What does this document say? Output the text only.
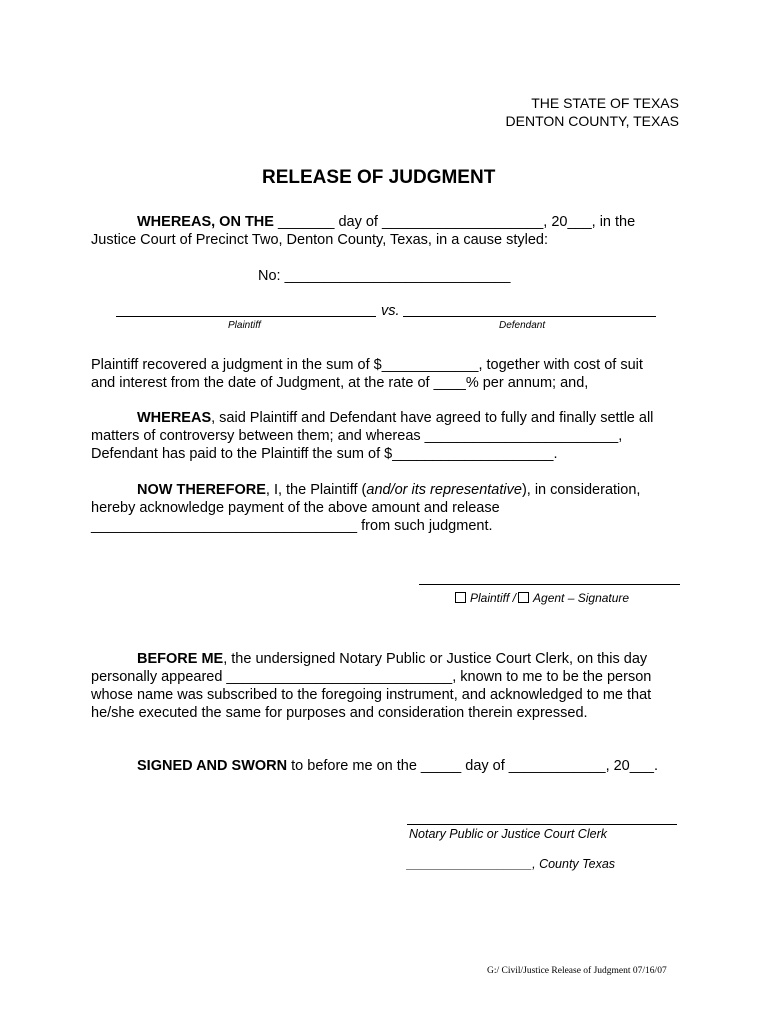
THE STATE OF TEXAS
DENTON COUNTY, TEXAS
RELEASE OF JUDGMENT
WHEREAS, ON THE _______ day of ____________________, 20___, in the
Justice Court of Precinct Two, Denton County, Texas, in a cause styled:
No: ____________________________
vs.
Plaintiff	Defendant
Plaintiff recovered a judgment in the sum of $____________, together with cost of suit
and interest from the date of Judgment, at the rate of ____% per annum; and,
WHEREAS, said Plaintiff and Defendant have agreed to fully and finally settle all
matters of controversy between them; and whereas ________________________,
Defendant has paid to the Plaintiff the sum of $____________________.
NOW THEREFORE, I, the Plaintiff (and/or its representative), in consideration,
hereby acknowledge payment of the above amount and release
_________________________________ from such judgment.
Plaintiff / Agent – Signature
BEFORE ME, the undersigned Notary Public or Justice Court Clerk, on this day
personally appeared ____________________________, known to me to be the person
whose name was subscribed to the foregoing instrument, and acknowledged to me that
he/she executed the same for purposes and consideration therein expressed.
SIGNED AND SWORN to before me on the _____ day of ____________, 20___.
Notary Public or Justice Court Clerk
__________________, County Texas
G:/ Civil/Justice Release of Judgment 07/16/07
